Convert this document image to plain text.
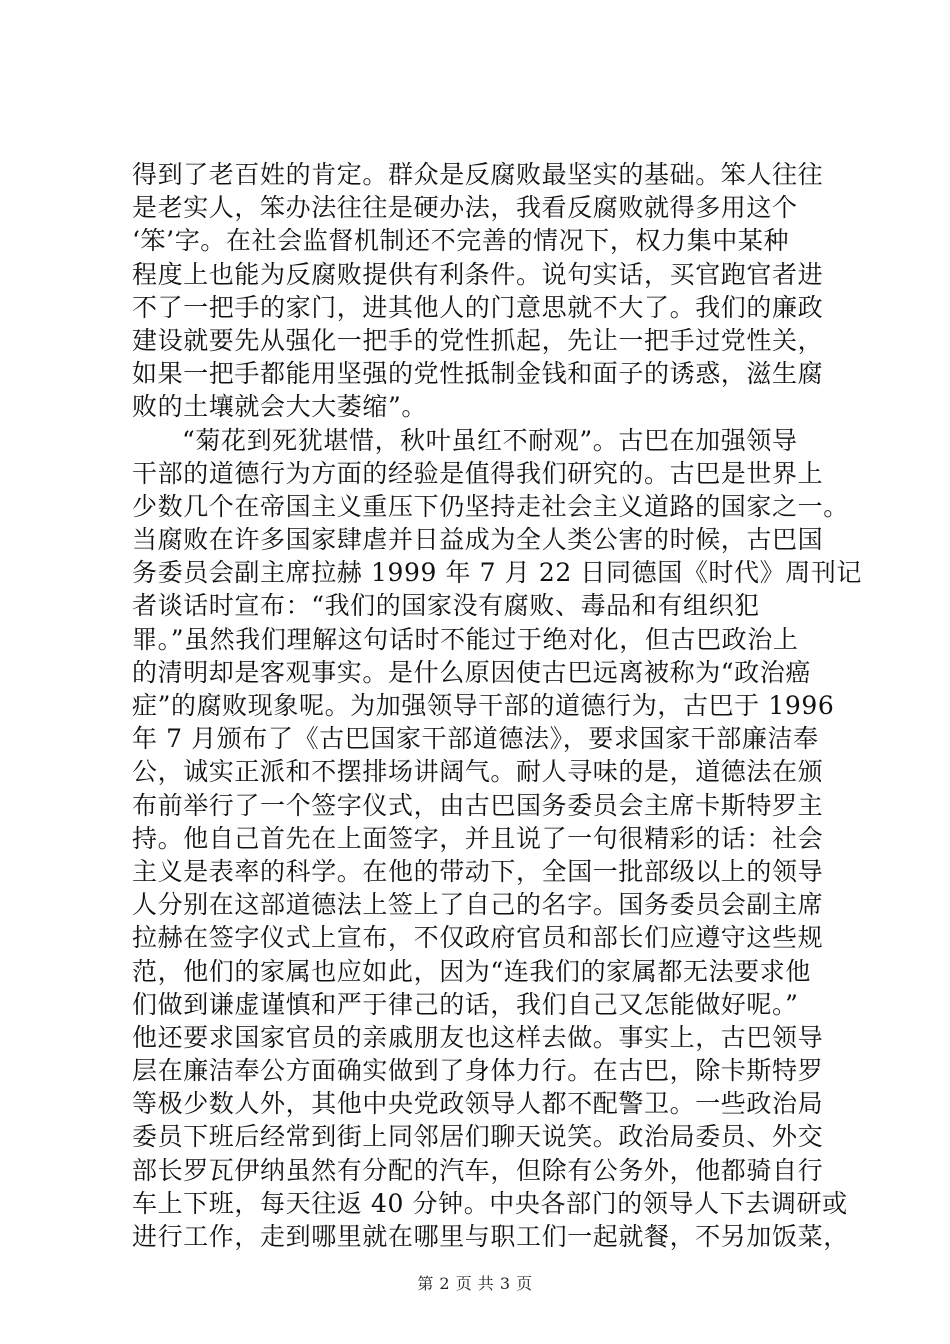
得到了老百姓的肯定。群众是反腐败最坚实的基础。笨人往往
是老实人，笨办法往往是硬办法，我看反腐败就得多用这个
‘笨’字。在社会监督机制还不完善的情况下，权力集中某种
程度上也能为反腐败提供有利条件。说句实话，买官跑官者进
不了一把手的家门，进其他人的门意思就不大了。我们的廉政
建设就要先从强化一把手的党性抓起，先让一把手过党性关，
如果一把手都能用坚强的党性抵制金钱和面子的诱惑，滋生腐
败的土壤就会大大萎缩”。
“菊花到死犹堪惜，秋叶虽红不耐观”。古巴在加强领导
干部的道德行为方面的经验是值得我们研究的。古巴是世界上
少数几个在帝国主义重压下仍坚持走社会主义道路的国家之一。
当腐败在许多国家肆虐并日益成为全人类公害的时候，古巴国
务委员会副主席拉赫 1999 年 7 月 22 日同德国《时代》周刊记
者谈话时宣布：“我们的国家没有腐败、毒品和有组织犯
罪。”虽然我们理解这句话时不能过于绝对化，但古巴政治上
的清明却是客观事实。是什么原因使古巴远离被称为“政治癌
症”的腐败现象呢。为加强领导干部的道德行为，古巴于 1996
年 7 月颁布了《古巴国家干部道德法》，要求国家干部廉洁奉
公，诚实正派和不摆排场讲阔气。耐人寻味的是，道德法在颁
布前举行了一个签字仪式，由古巴国务委员会主席卡斯特罗主
持。他自己首先在上面签字，并且说了一句很精彩的话：社会
主义是表率的科学。在他的带动下，全国一批部级以上的领导
人分别在这部道德法上签上了自己的名字。国务委员会副主席
拉赫在签字仪式上宣布，不仅政府官员和部长们应遵守这些规
范，他们的家属也应如此，因为“连我们的家属都无法要求他
们做到谦虚谨慎和严于律己的话，我们自己又怎能做好呢。”
他还要求国家官员的亲戚朋友也这样去做。事实上，古巴领导
层在廉洁奉公方面确实做到了身体力行。在古巴，除卡斯特罗
等极少数人外，其他中央党政领导人都不配警卫。一些政治局
委员下班后经常到街上同邻居们聊天说笑。政治局委员、外交
部长罗瓦伊纳虽然有分配的汽车，但除有公务外，他都骑自行
车上下班，每天往返 40 分钟。中央各部门的领导人下去调研或
进行工作，走到哪里就在哪里与职工们一起就餐，不另加饭菜，
第 2 页 共 3 页
